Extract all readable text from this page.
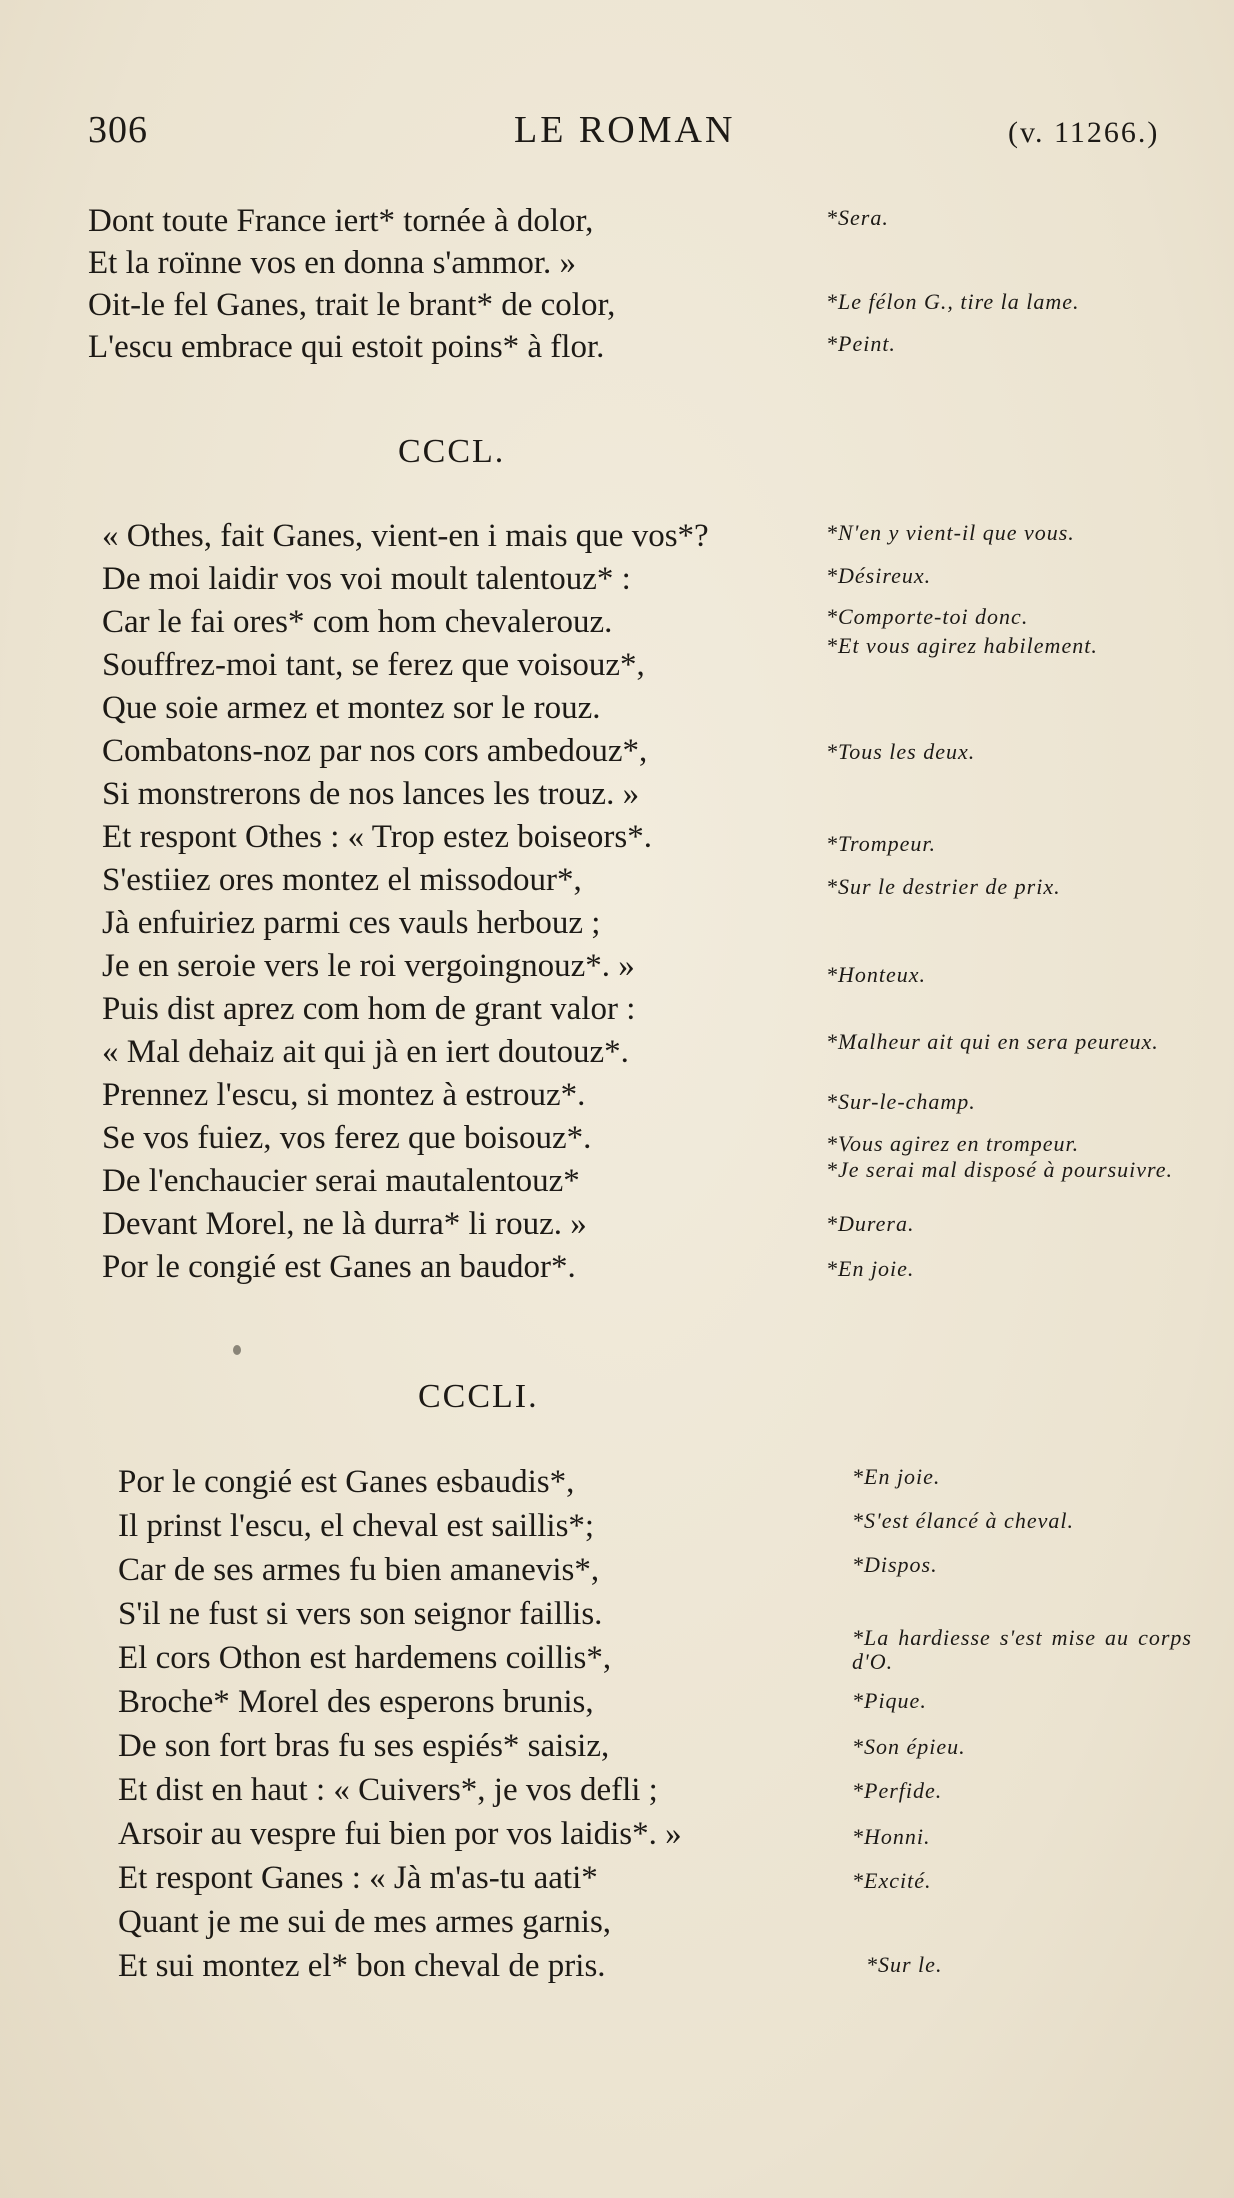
306	LE ROMAN	(v. 11266.)
Dont toute France iert* tornée à dolor,	*Sera.
Et la roïnne vos en donna s'ammor. »
Oit-le fel Ganes, trait le brant* de color,	*Le félon G., tire la lame.
L'escu embrace qui estoit poins* à flor.	*Peint.
CCCL.
« Othes, fait Ganes, vient-en i mais que vos*?	*N'en y vient-il que vous.
De moi laidir vos voi moult talentouz* :	*Désireux.
Car le fai ores* com hom chevalerouz.	*Comporte-toi donc.
Souffrez-moi tant, se ferez que voisouz*,
*Et vous agirez habilement.
Que soie armez et montez sor le rouz.
Combatons-noz par nos cors ambedouz*,	*Tous les deux.
Si monstrerons de nos lances les trouz. »
Et respont Othes : « Trop estez boiseors*.	*Trompeur.
S'estiiez ores montez el missodour*,	*Sur le destrier de prix.
Jà enfuiriez parmi ces vauls herbouz ;
Je en seroie vers le roi vergoingnouz*. »	*Honteux.
Puis dist aprez com hom de grant valor :
« Mal dehaiz ait qui jà en iert doutouz*.	*Malheur ait qui en sera peureux.
Prennez l'escu, si montez à estrouz*.	*Sur-le-champ.
Se vos fuiez, vos ferez que boisouz*.	*Vous agirez en trompeur.
De l'enchaucier serai mautalentouz*	*Je serai mal disposé à poursuivre.
Devant Morel, ne là durra* li rouz. »	*Durera.
Por le congié est Ganes an baudor*.	*En joie.
CCCLI.
Por le congié est Ganes esbaudis*,	*En joie.
Il prinst l'escu, el cheval est saillis*;	*S'est élancé à cheval.
Car de ses armes fu bien amanevis*,	*Dispos.
S'il ne fust si vers son seignor faillis.
El cors Othon est hardemens coillis*,
*La hardiesse s'est mise au corps d'O.
Broche* Morel des esperons brunis,	*Pique.
De son fort bras fu ses espiés* saisiz,	*Son épieu.
Et dist en haut : « Cuivers*, je vos defli ;	*Perfide.
Arsoir au vespre fui bien por vos laidis*. »	*Honni.
Et respont Ganes : « Jà m'as-tu aati*	*Excité.
Quant je me sui de mes armes garnis,
Et sui montez el* bon cheval de pris.	*Sur le.
